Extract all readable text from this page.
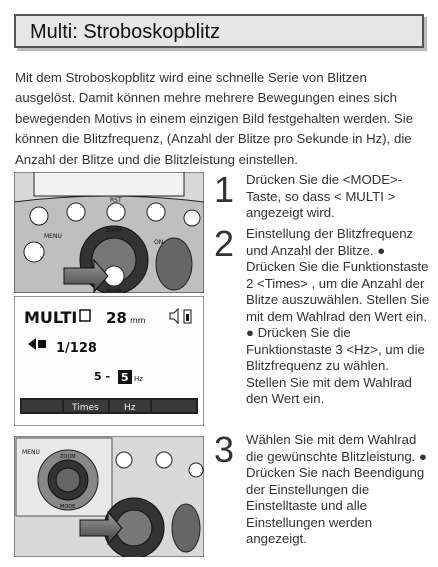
Multi: Stroboskopblitz

Mit dem Stroboskopblitz wird eine schnelle Serie von Blitzen ausgelöst. Damit können mehre mehrere Bewegungen eines sich bewegenden Motivs in einem einzigen Bild festgehalten werden. Sie können die Blitzfrequenz, (Anzahl der Blitze pro Sekunde in Hz), die Anzahl der Blitze und die Blitzleistung einstellen.

RST
MENU
ZOOM
MODE
ON
MULTI 28 mm
1/128
5 - 5 Hz
Times	Hz
MENU
ZOOM
MODE
1 Drücken Sie die <MODE>-Taste, so dass < MULTI > angezeigt wird.
2 Einstellung der Blitzfrequenz und Anzahl der Blitze. ● Drücken Sie die Funktionstaste 2 <Times> , um die Anzahl der Blitze auszuwählen. Stellen Sie mit dem Wahlrad den Wert ein. ● Drücken Sie die Funktionstaste 3 <Hz>, um die Blitzfrequenz zu wählen. Stellen Sie mit dem Wahlrad den Wert ein.
3 Wählen Sie mit dem Wahlrad die gewünschte Blitzleistung. ● Drücken Sie nach Beendigung der Einstellungen die Einstelltaste und alle Einstellungen werden angezeigt.
